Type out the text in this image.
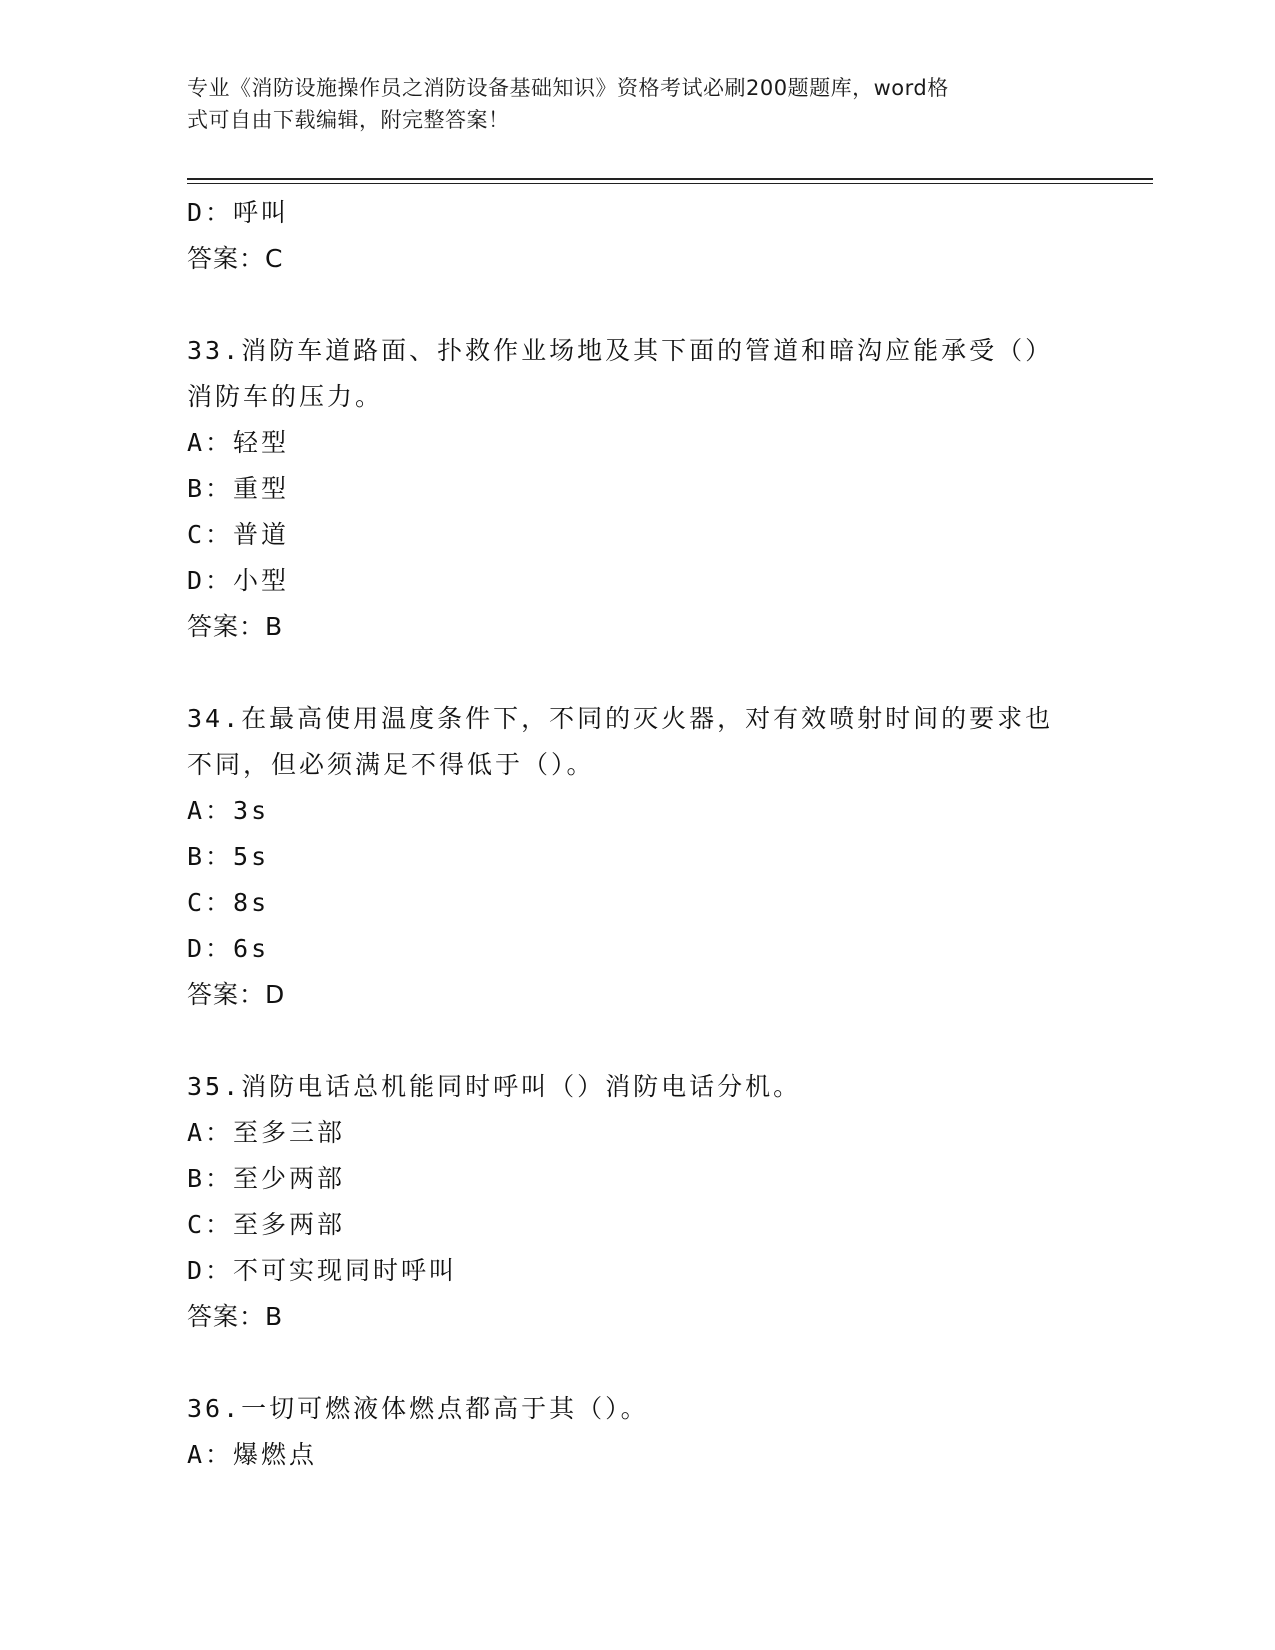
专业《消防设施操作员之消防设备基础知识》资格考试必刷200题题库，word格
式可自由下载编辑，附完整答案！
D：呼叫
答案：C
33.消防车道路面、扑救作业场地及其下面的管道和暗沟应能承受（）
消防车的压力。
A：轻型
B：重型
C：普道
D：小型
答案：B
34.在最高使用温度条件下，不同的灭火器，对有效喷射时间的要求也
不同，但必须满足不得低于（）。
A：3s
B：5s
C：8s
D：6s
答案：D
35.消防电话总机能同时呼叫（）消防电话分机。
A：至多三部
B：至少两部
C：至多两部
D：不可实现同时呼叫
答案：B
36.一切可燃液体燃点都高于其（）。
A：爆燃点
